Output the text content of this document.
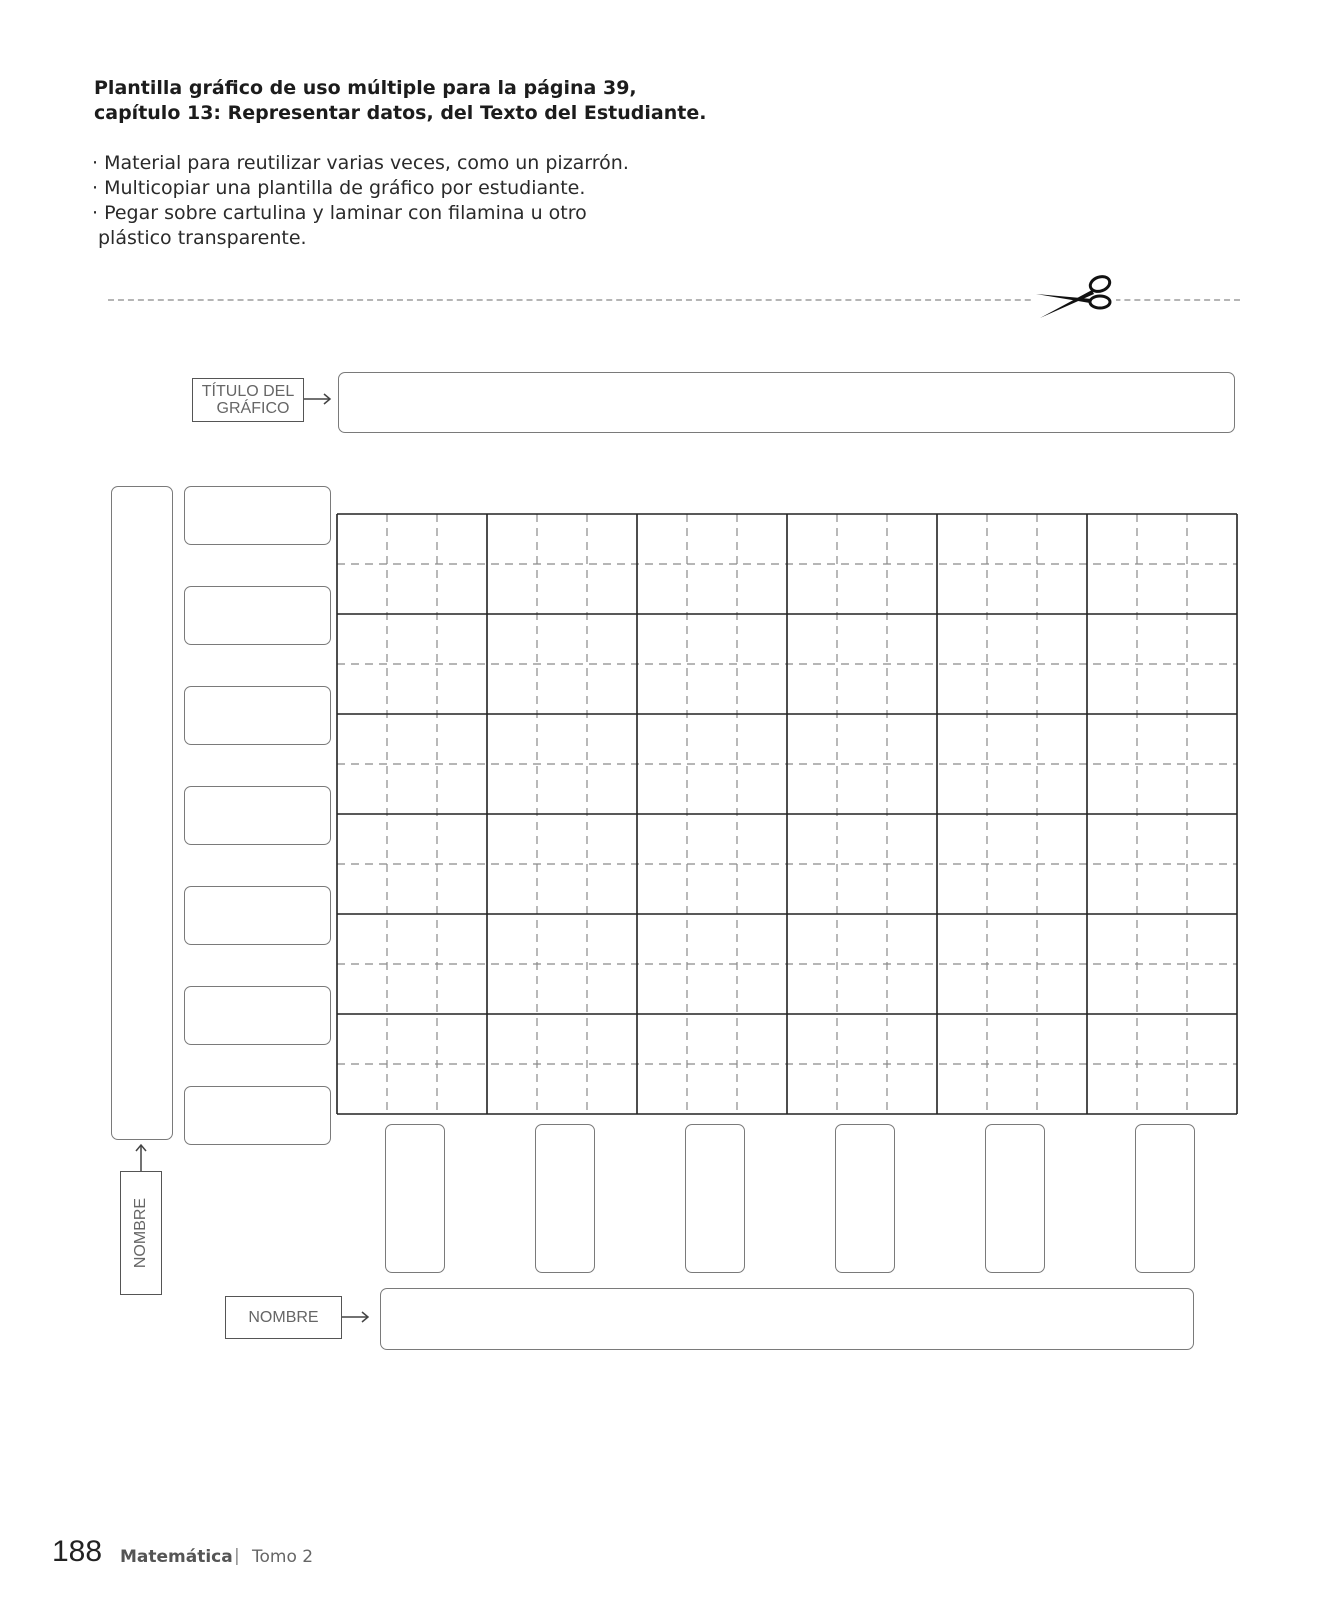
Plantilla gráfico de uso múltiple para la página 39,
capítulo 13: Representar datos, del Texto del Estudiante.
· Material para reutilizar varias veces, como un pizarrón.
· Multicopiar una plantilla de gráfico por estudiante.
· Pegar sobre cartulina y laminar con filamina u otro
plástico transparente.
TÍTULO DEL
GRÁFICO
NOMBRE
NOMBRE
188 Matemática | Tomo 2
